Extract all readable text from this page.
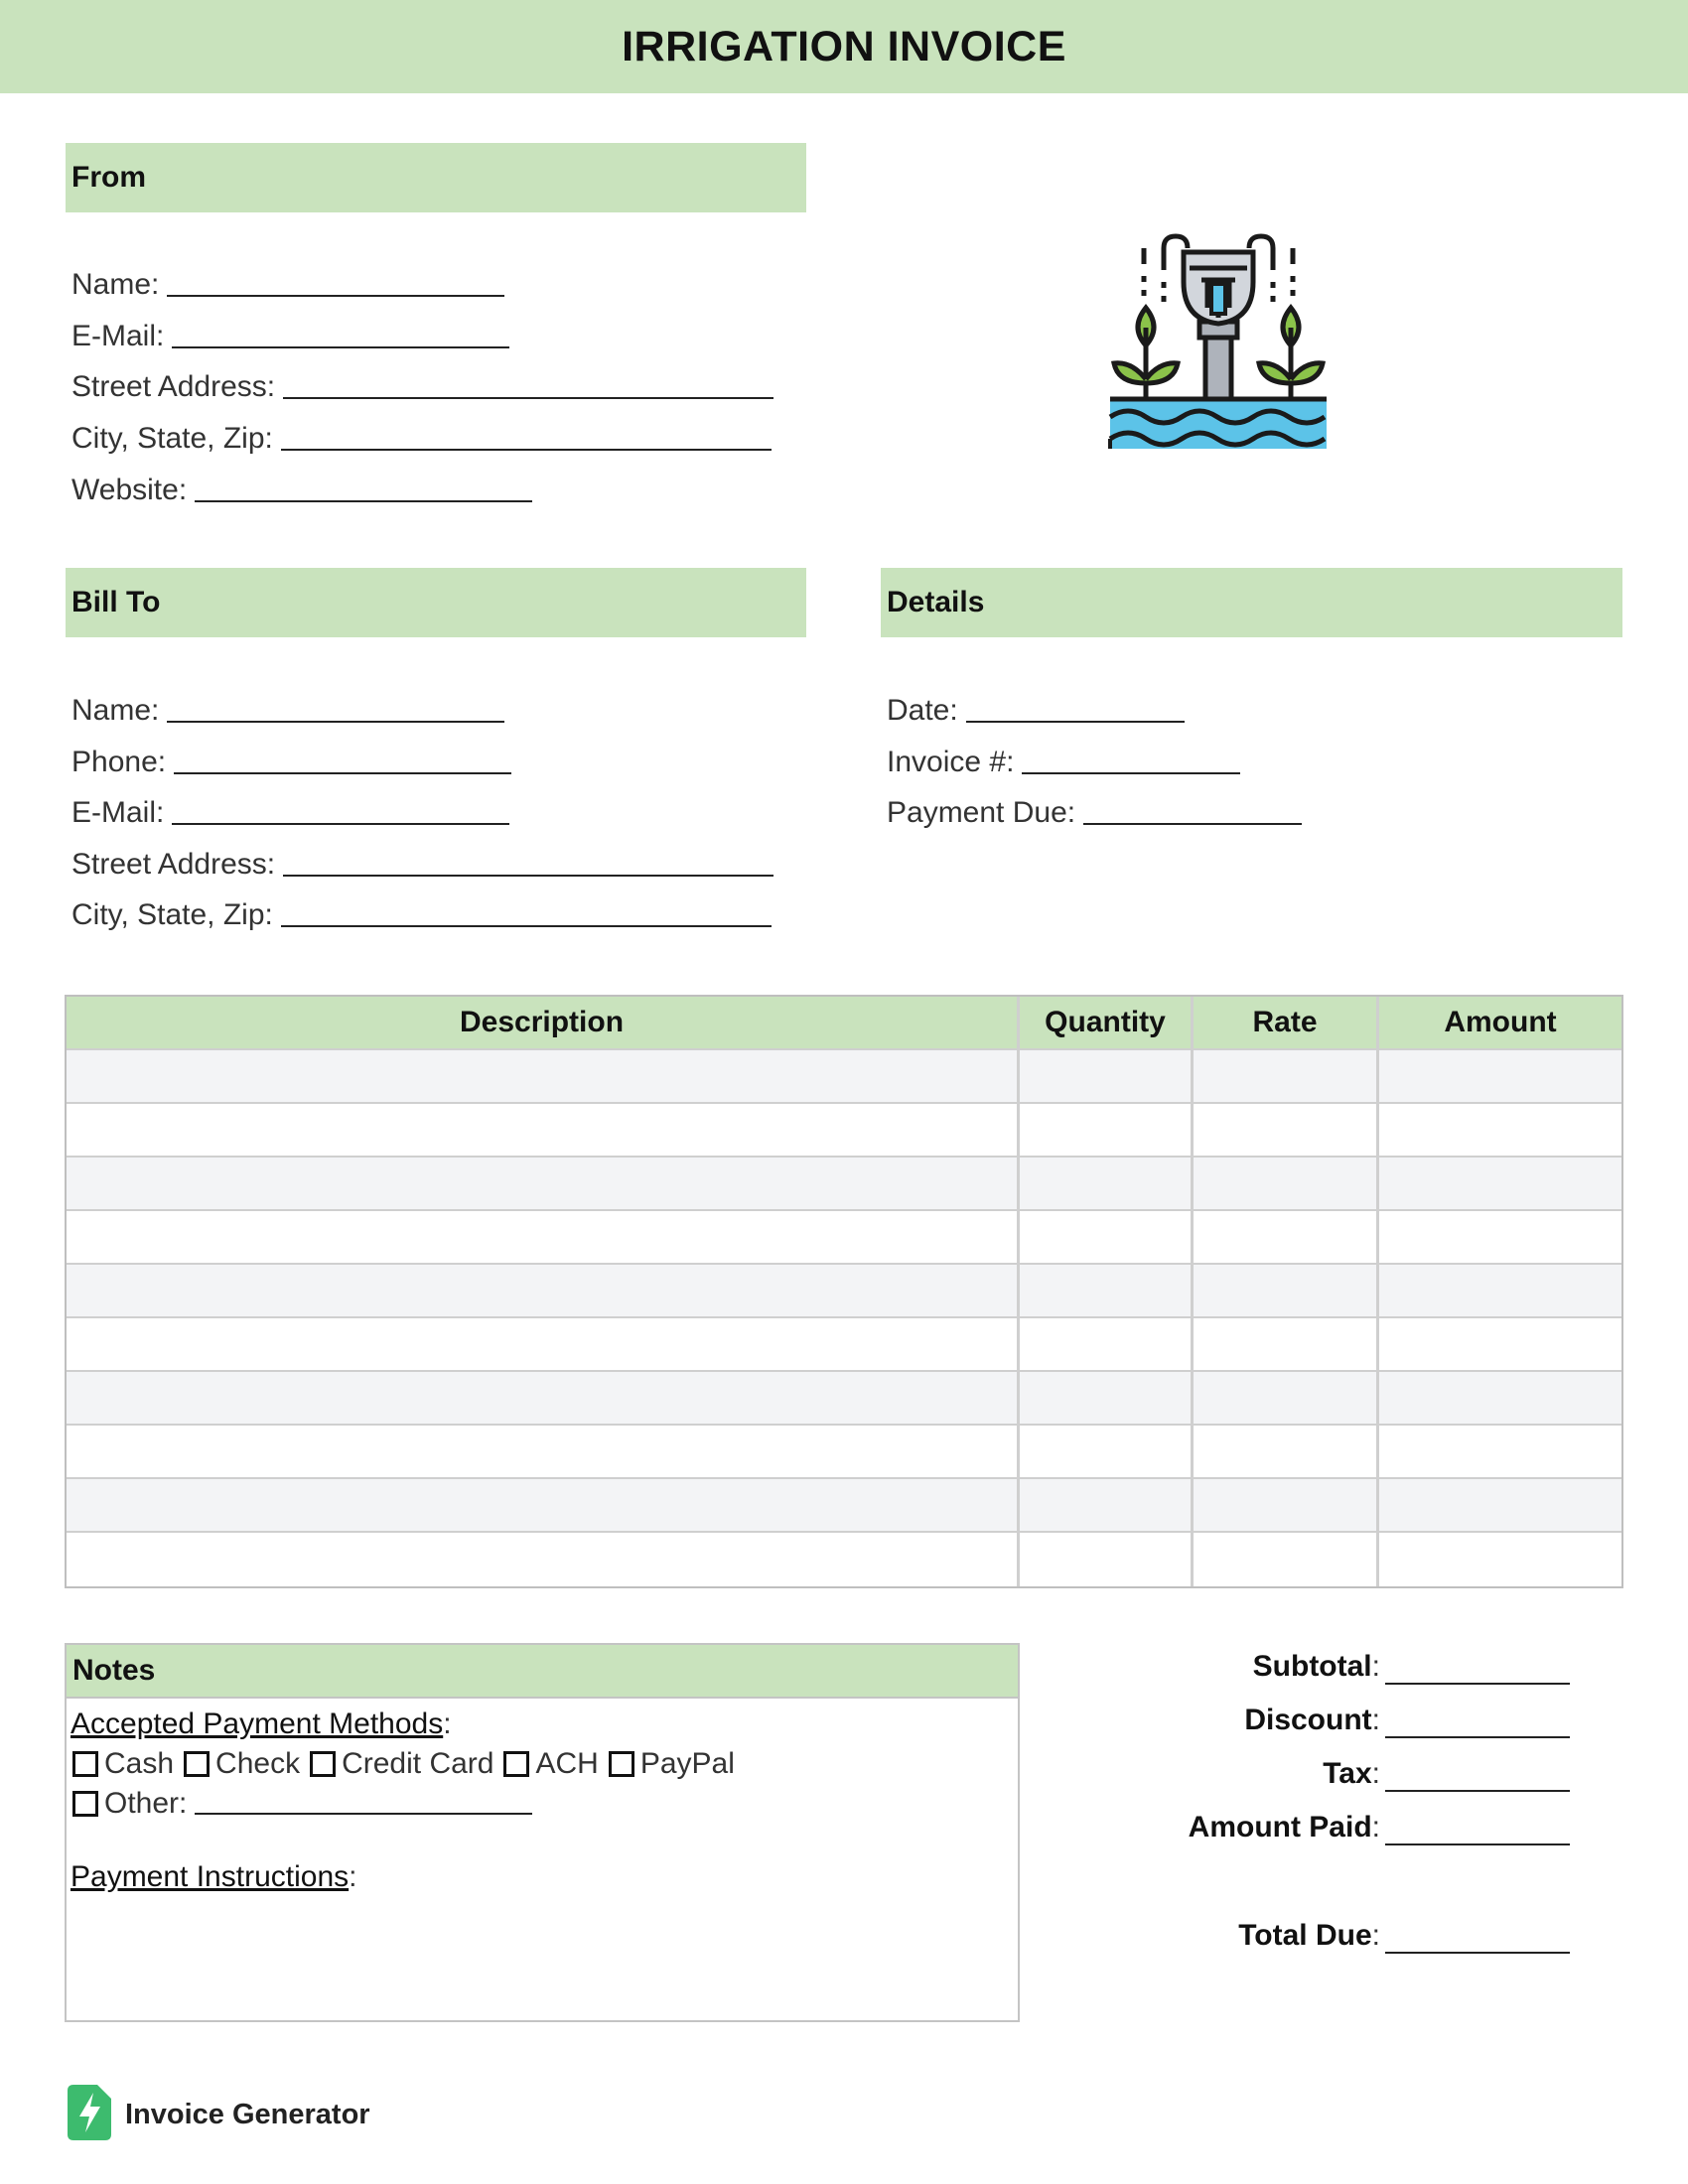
IRRIGATION INVOICE
From
Name:
E-Mail:
Street Address:
City, State, Zip:
Website:
Bill To
Name:
Phone:
E-Mail:
Street Address:
City, State, Zip:
Details
Date:
Invoice #:
Payment Due:
Description	Quantity	Rate	Amount
Notes
Accepted Payment Methods:
Cash Check Credit Card ACH PayPal
Other:
Payment Instructions:
Subtotal:
Discount:
Tax:
Amount Paid:
Total Due:
Invoice Generator
